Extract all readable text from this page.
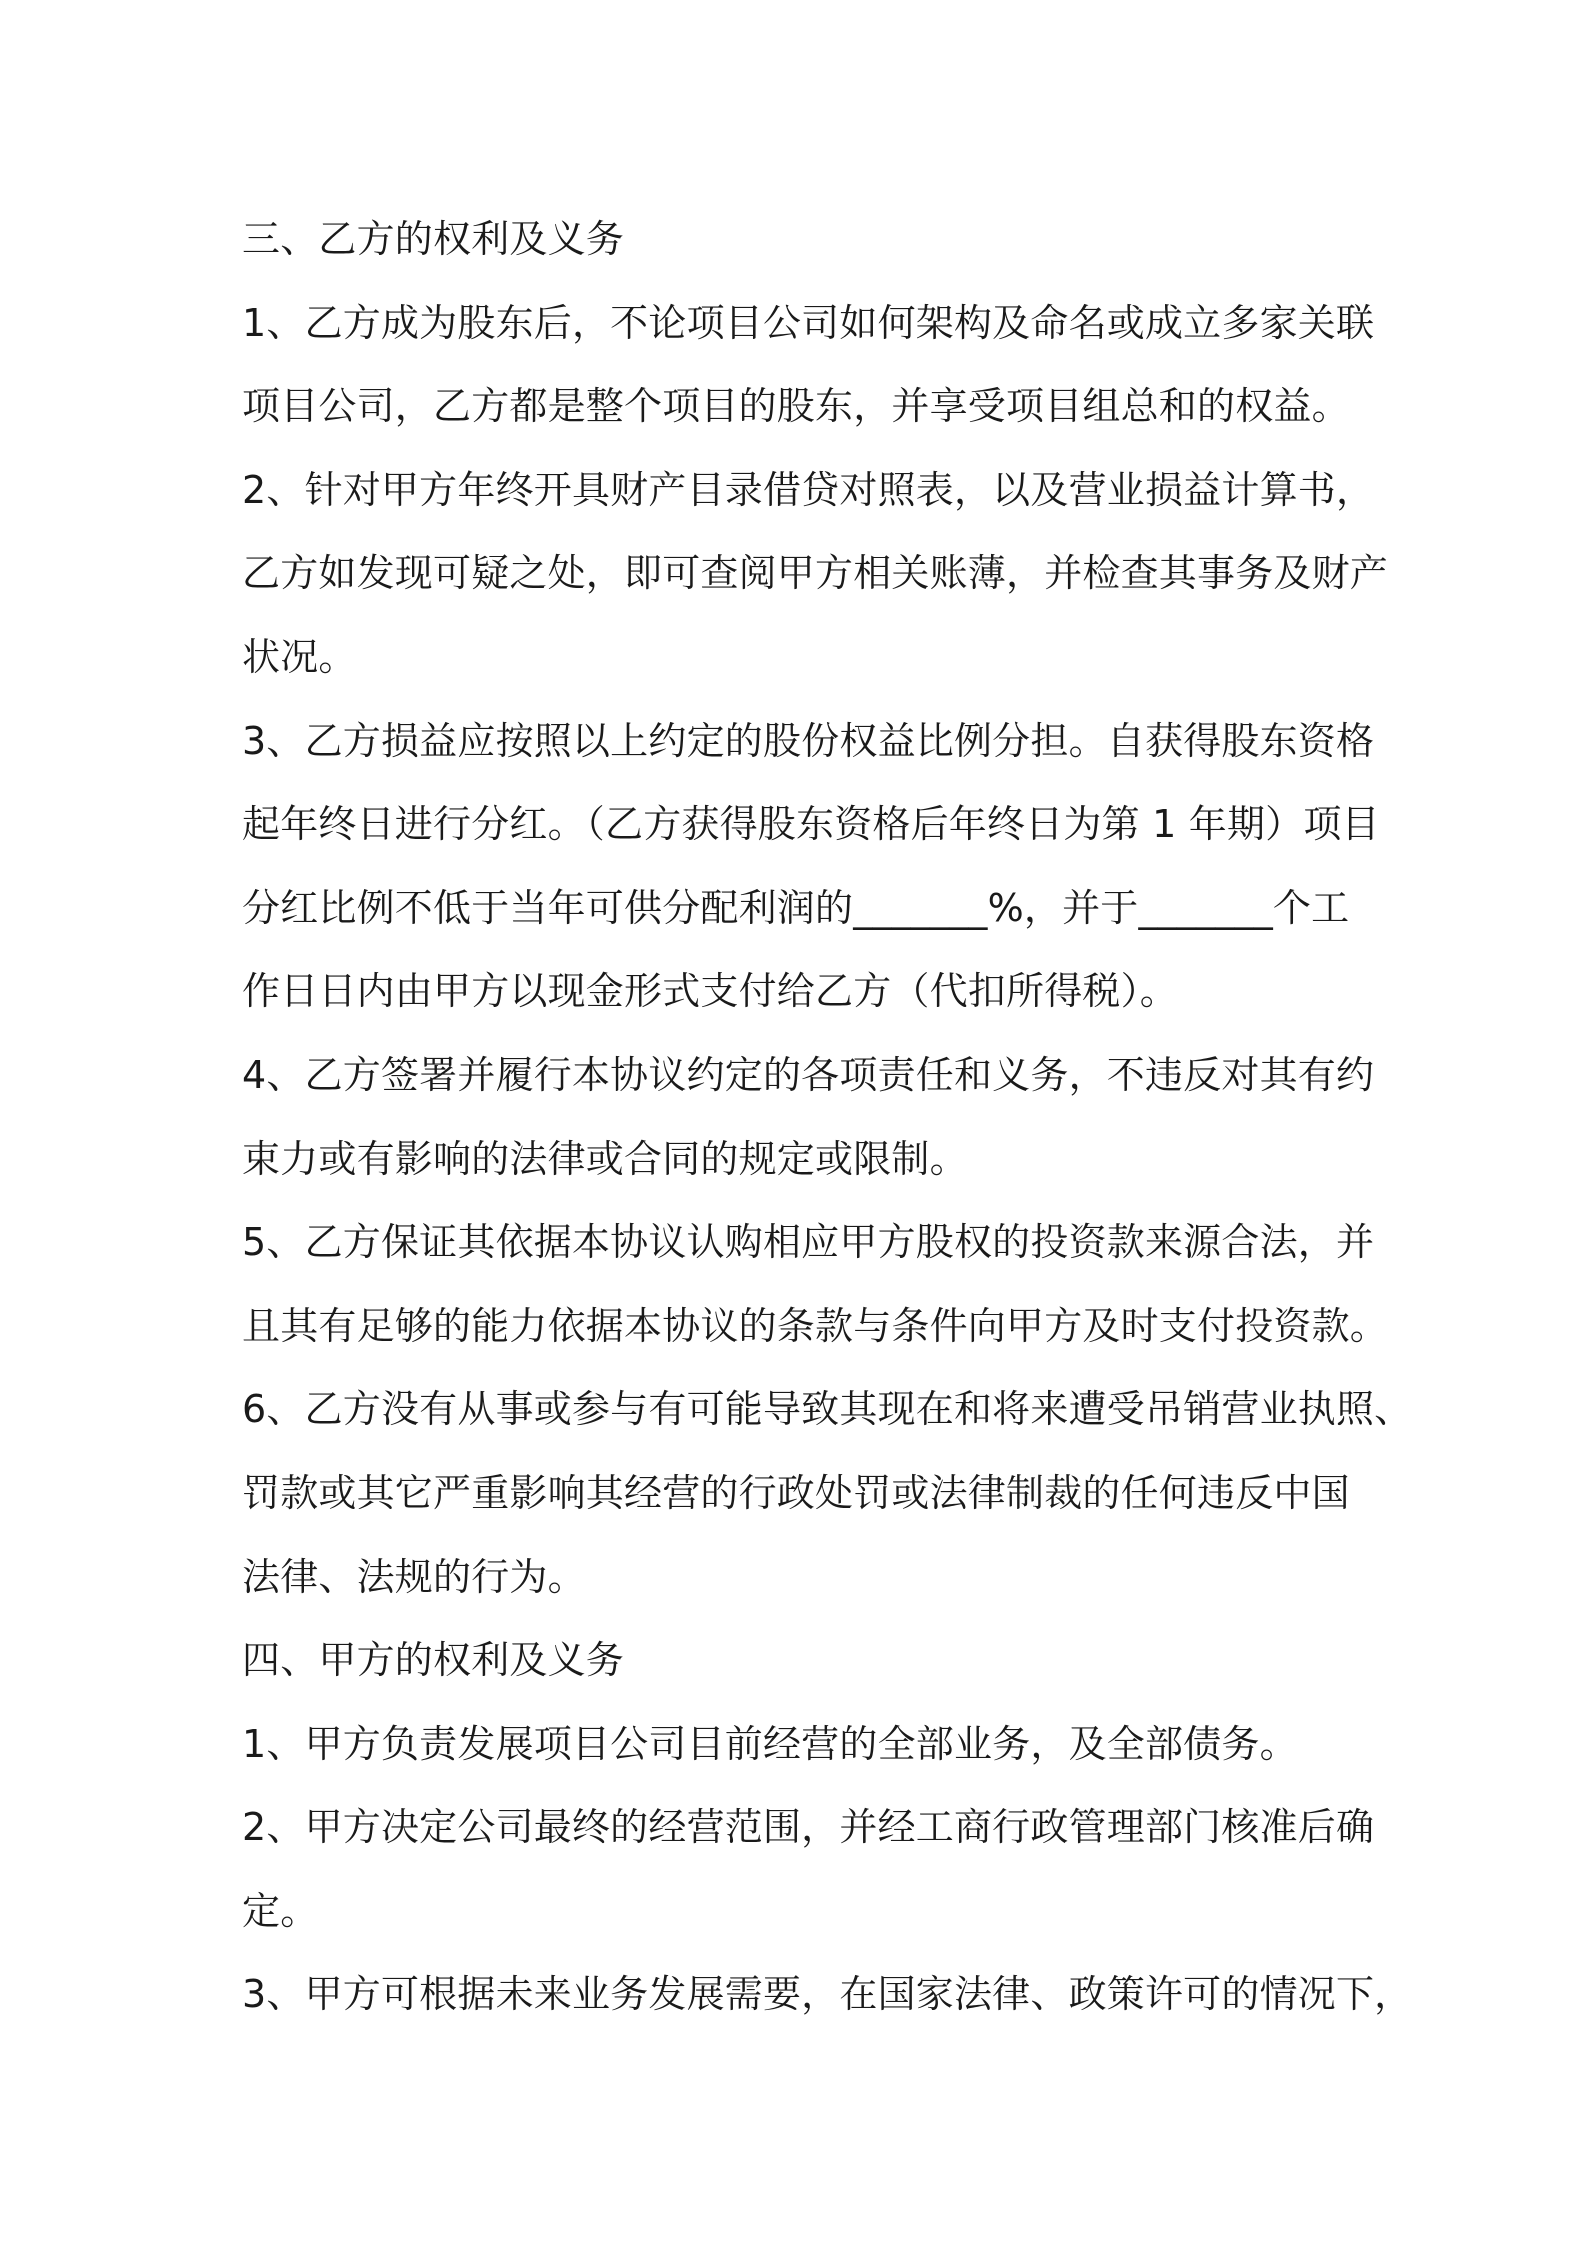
三、乙方的权利及义务
1、乙方成为股东后，不论项目公司如何架构及命名或成立多家关联
项目公司，乙方都是整个项目的股东，并享受项目组总和的权益。
2、针对甲方年终开具财产目录借贷对照表，以及营业损益计算书，
乙方如发现可疑之处，即可查阅甲方相关账薄，并检查其事务及财产
状况。
3、乙方损益应按照以上约定的股份权益比例分担。自获得股东资格
起年终日进行分红。（乙方获得股东资格后年终日为第 1 年期）项目
分红比例不低于当年可供分配利润的_______%，并于_______个工
作日日内由甲方以现金形式支付给乙方（代扣所得税）。
4、乙方签署并履行本协议约定的各项责任和义务，不违反对其有约
束力或有影响的法律或合同的规定或限制。
5、乙方保证其依据本协议认购相应甲方股权的投资款来源合法，并
且其有足够的能力依据本协议的条款与条件向甲方及时支付投资款。
6、乙方没有从事或参与有可能导致其现在和将来遭受吊销营业执照、
罚款或其它严重影响其经营的行政处罚或法律制裁的任何违反中国
法律、法规的行为。
四、甲方的权利及义务
1、甲方负责发展项目公司目前经营的全部业务，及全部债务。
2、甲方决定公司最终的经营范围，并经工商行政管理部门核准后确
定。
3、甲方可根据未来业务发展需要，在国家法律、政策许可的情况下，
